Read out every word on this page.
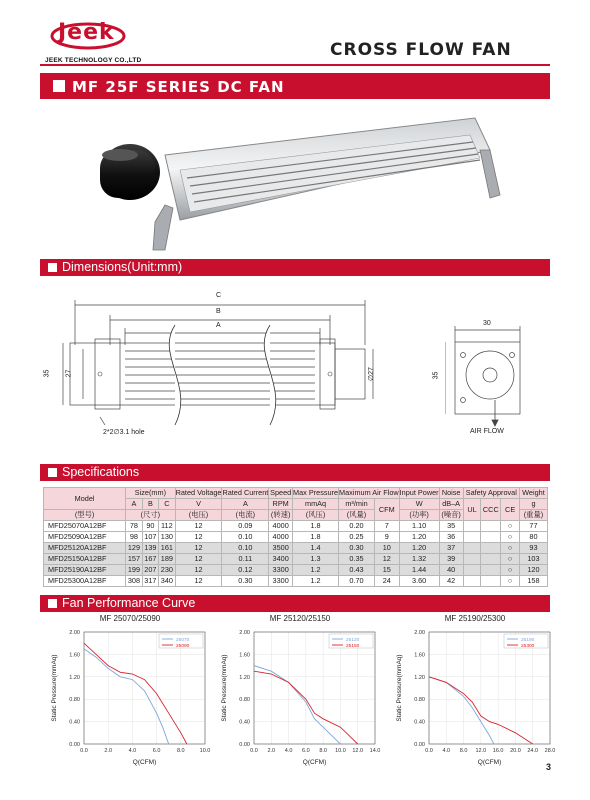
Jeek
JEEK TECHNOLOGY CO.,LTD
CROSS FLOW FAN
MF 25F SERIES DC FAN
Dimensions(Unit:mm)
C
B
A
35 27	∅27
2*2∅3.1 hole
30
35
AIR FLOW
Specifications
Model	Size(mm)			Rated Voltage	Rated Current	Speed	Max Pressure	Maximum Air Flow		Input Power	Noise	Safety Approval			Weight
	A	B	C	V	A	RPM	mmAq	m³/min	CFM	W	dB–A	UL	CCC	CE	g
(型号)	(尺寸)			(电压)	(电流)	(转速)	(风压)	(风量)		(功率)	(噪音)				(重量)
MFD25070A12BF	78	90	112	12	0.09	4000	1.8	0.20	7	1.10	35			○	77
MFD25090A12BF	98	107	130	12	0.10	4000	1.8	0.25	9	1.20	36			○	80
MFD25120A12BF	129	139	161	12	0.10	3500	1.4	0.30	10	1.20	37			○	93
MFD25150A12BF	157	167	189	12	0.11	3400	1.3	0.35	12	1.32	39			○	103
MFD25190A12BF	199	207	230	12	0.12	3300	1.2	0.43	15	1.44	40			○	120
MFD25300A12BF	308	317	340	12	0.30	3300	1.2	0.70	24	3.60	42			○	158
Fan Performance Curve
MF 25070/25090
0.00
0.40
0.80
1.20
1.60
2.00
0.0	2.0	4.0	6.0	8.0	10.0
Q(CFM)
Static Pressure(mmAq)
25070
25090
MF 25120/25150
0.00
0.40
0.80
1.20
1.60
2.00
0.0 2.0 4.0 6.0 8.0 10.0 12.0 14.0
Q(CFM)
Static Pressure(mmAq)
25120
25150
MF 25190/25300
0.00
0.40
0.80
1.20
1.60
2.00
0.0 4.0 8.0 12.0 16.0 20.0 24.0 28.0
Q(CFM)
Static Pressure(mmAq)
25190
25300
3
